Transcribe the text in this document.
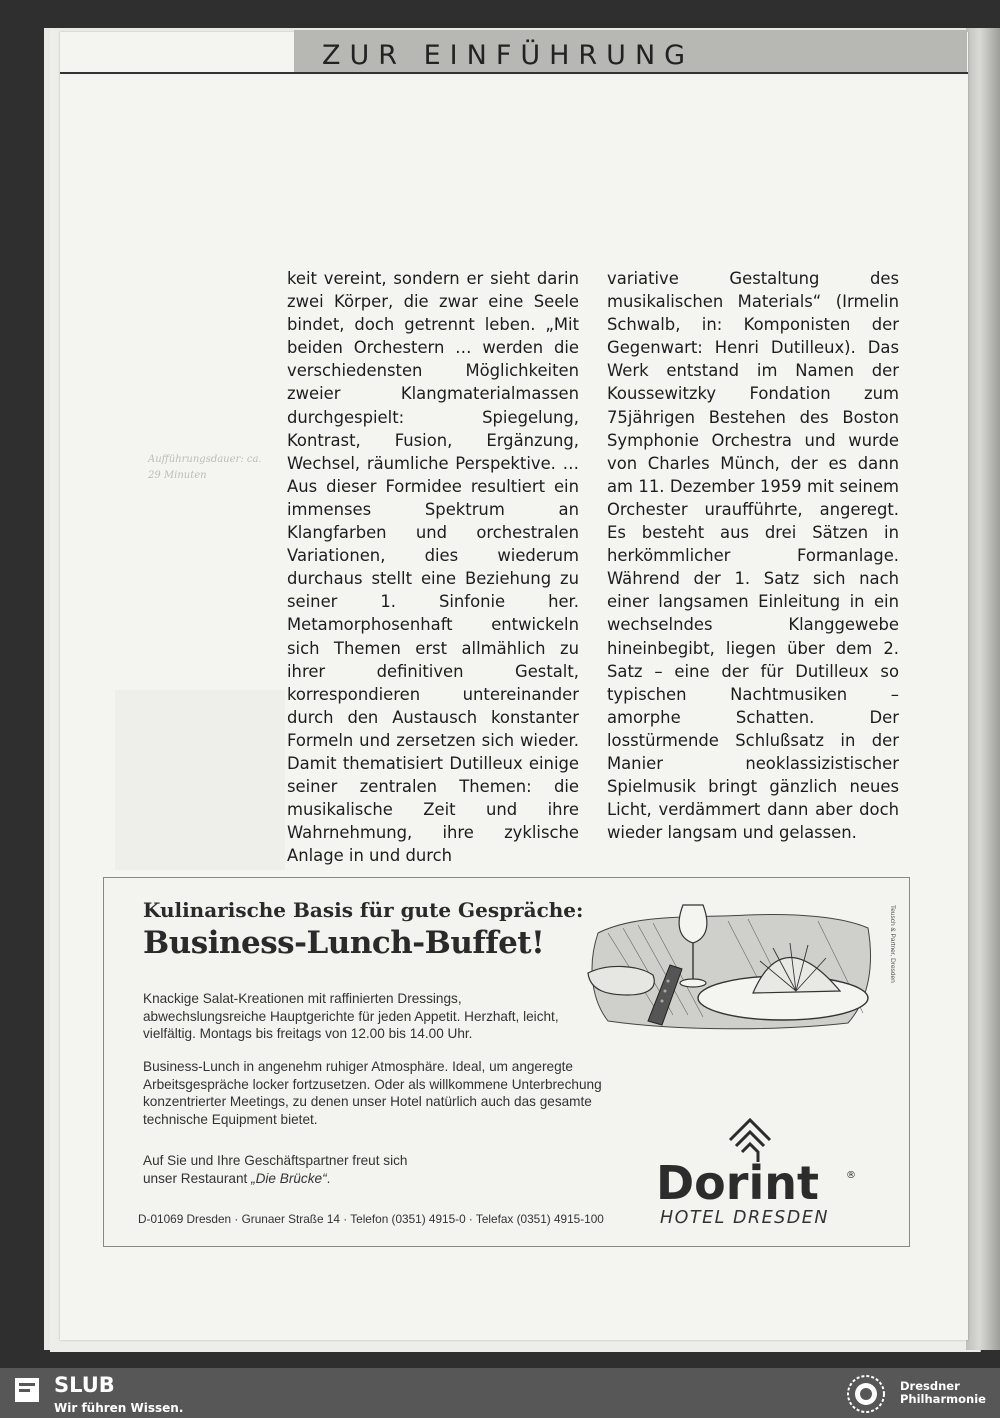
ZUR EINFÜHRUNG
Aufführungsdauer: ca. 29 Minuten
keit vereint, sondern er sieht darin zwei Körper, die zwar eine Seele bindet, doch getrennt leben. „Mit beiden Orchestern … werden die verschiedensten Möglichkeiten zweier Klangmaterialmassen durchgespielt: Spiegelung, Kontrast, Fusion, Ergänzung, Wechsel, räumliche Perspektive. … Aus dieser Formidee resultiert ein immenses Spektrum an Klangfarben und orchestralen Variationen, dies wiederum durchaus stellt eine Beziehung zu seiner 1. Sinfonie her. Metamorphosenhaft entwickeln sich Themen erst allmählich zu ihrer definitiven Gestalt, korrespondieren untereinander durch den Austausch konstanter Formeln und zersetzen sich wieder. Damit thematisiert Dutilleux einige seiner zentralen Themen: die musikalische Zeit und ihre Wahrnehmung, ihre zyklische Anlage in und durch
variative Gestaltung des musikalischen Materials“ (Irmelin Schwalb, in: Komponisten der Gegenwart: Henri Dutilleux). Das Werk entstand im Namen der Koussewitzky Fondation zum 75jährigen Bestehen des Boston Symphonie Orchestra und wurde von Charles Münch, der es dann am 11. Dezember 1959 mit seinem Orchester uraufführte, angeregt. Es besteht aus drei Sätzen in herkömmlicher Formanlage. Während der 1. Satz sich nach einer langsamen Einleitung in ein wechselndes Klanggewebe hineinbegibt, liegen über dem 2. Satz – eine der für Dutilleux so typischen Nachtmusiken – amorphe Schatten. Der losstürmende Schlußsatz in der Manier neoklassizistischer Spielmusik bringt gänzlich neues Licht, verdämmert dann aber doch wieder langsam und gelassen.
Kulinarische Basis für gute Gespräche:
Business-Lunch-Buffet!	Teusch & Partner, Dresden
Knackige Salat-Kreationen mit raffinierten Dressings, abwechslungsreiche Hauptgerichte für jeden Appetit. Herzhaft, leicht, vielfältig. Montags bis freitags von 12.00 bis 14.00 Uhr.
Business-Lunch in angenehm ruhiger Atmosphäre. Ideal, um angeregte Arbeitsgespräche locker fortzusetzen. Oder als willkommene Unterbrechung konzentrierter Meetings, zu denen unser Hotel natürlich auch das gesamte technische Equipment bietet.
Auf Sie und Ihre Geschäftspartner freut sich unser Restaurant „Die Brücke“.
D-01069 Dresden · Grunaer Straße 14 · Telefon (0351) 4915-0 · Telefax (0351) 4915-100
Dorint	®
HOTEL DRESDEN
SLUB
Wir führen Wissen.
Dresdner Philharmonie
